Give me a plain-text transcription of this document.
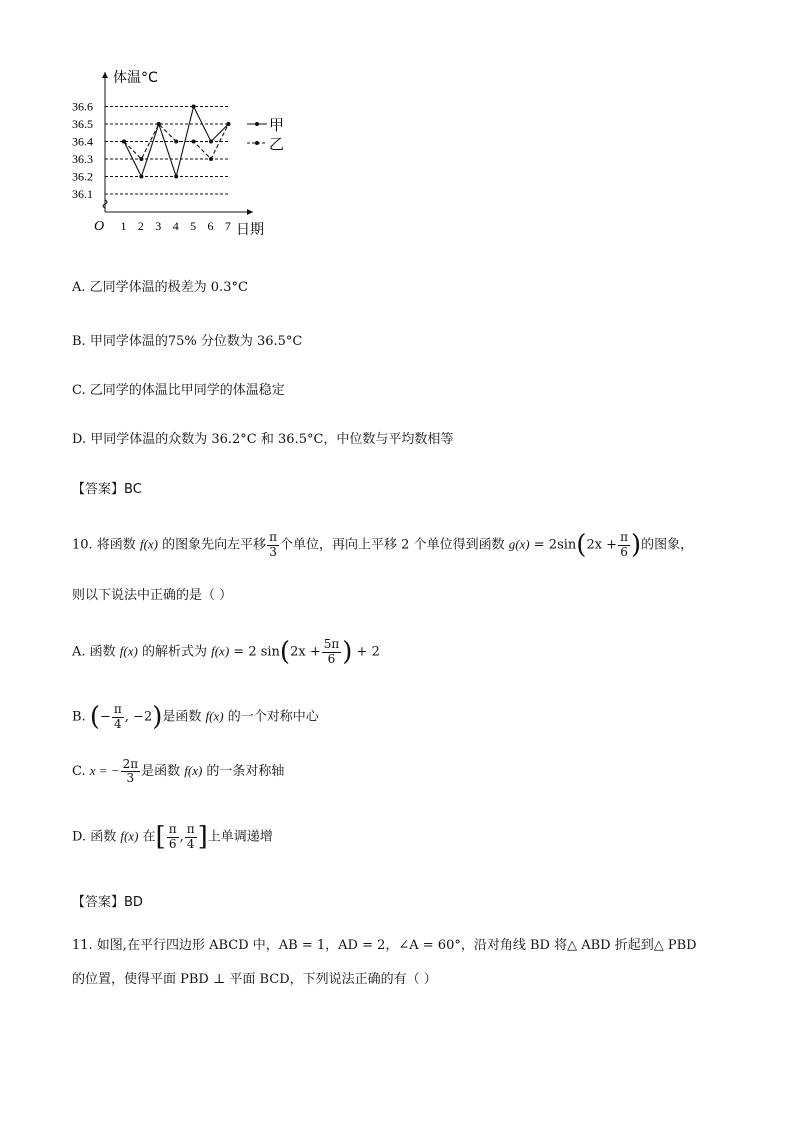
体温°C
O	日期
36.6
36.5
36.4
36.3
36.2
36.1
1 2 3 4 5 6 7
甲
乙
A. 乙同学体温的极差为 0.3°C
B. 甲同学体温的75% 分位数为 36.5°C
C. 乙同学的体温比甲同学的体温稳定
D. 甲同学体温的众数为 36.2°C 和 36.5°C，中位数与平均数相等
【答案】BC
10. 将函数 f(x) 的图象先向左平移 $\frac{\pi}{3}$ 个单位，再向上平移 2 个单位得到函数 $g(x) = 2\sin(2x + \frac{\pi}{6}$ )的图象，
则以下说法中正确的是（ ）
A. 函数 f(x) 的解析式为 f(x) = 2 $\sin(2x + \frac{5\pi}{6}$ ) + 2
B. (− $\frac{\pi}{4}$ , −2)是函数 f(x) 的一个对称中心
C. x = − $\frac{2\pi}{3}$ 是函数 f(x) 的一条对称轴
D. 函数 f(x) 在[ $\frac{\pi}{6}$ , $\frac{\pi}{4}$ ]上单调递增
【答案】BD
11. 如图,在平行四边形 ABCD 中，AB = 1，AD = 2，∠A = 60°，沿对角线 BD 将△ ABD 折起到△ PBD
的位置，使得平面 PBD ⊥ 平面 BCD，下列说法正确的有（ ）
